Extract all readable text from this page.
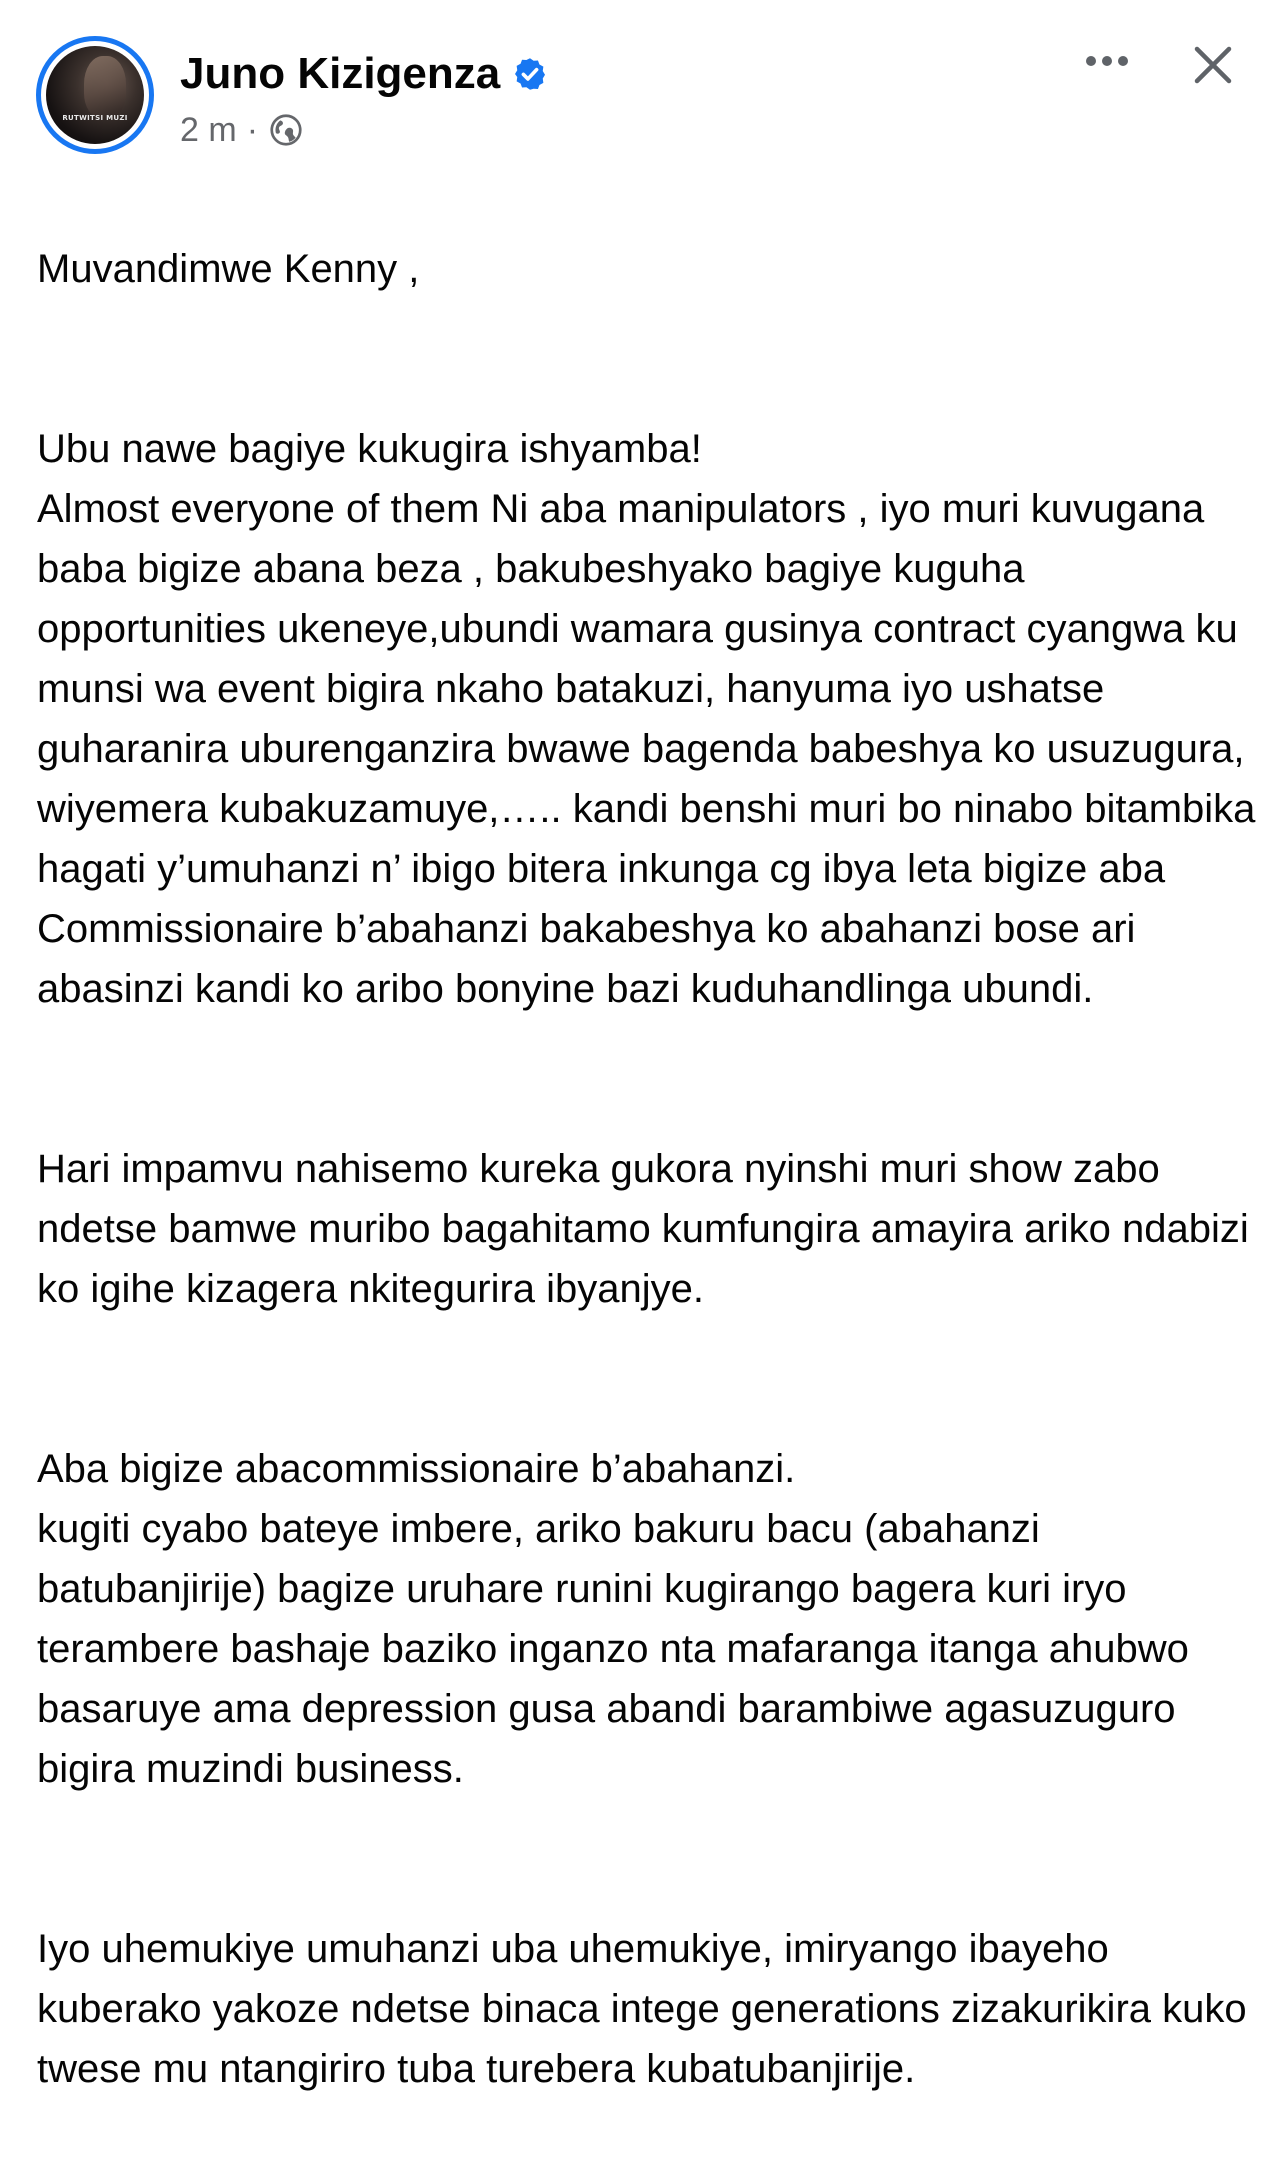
RUTWITSI MUZI
Juno Kizigenza
2 m ·

Muvandimwe Kenny ,

Ubu nawe bagiye kukugira ishyamba!
Almost everyone of them Ni aba manipulators , iyo muri kuvugana baba bigize abana beza , bakubeshyako bagiye kuguha opportunities ukeneye,ubundi wamara gusinya contract cyangwa ku munsi wa event bigira nkaho batakuzi, hanyuma iyo ushatse guharanira uburenganzira bwawe bagenda babeshya ko usuzugura, wiyemera kubakuzamuye,….. kandi benshi muri bo ninabo bitambika hagati y’umuhanzi n’ ibigo bitera inkunga cg ibya leta bigize aba Commissionaire b’abahanzi bakabeshya ko abahanzi bose ari abasinzi kandi ko aribo bonyine bazi kuduhandlinga ubundi.

Hari impamvu nahisemo kureka gukora nyinshi muri show zabo ndetse bamwe muribo bagahitamo kumfungira amayira ariko ndabizi ko igihe kizagera nkitegurira ibyanjye.

Aba bigize abacommissionaire b’abahanzi.
kugiti cyabo bateye imbere, ariko bakuru bacu (abahanzi batubanjirije) bagize uruhare runini kugirango bagera kuri iryo terambere bashaje baziko inganzo nta mafaranga itanga ahubwo basaruye ama depression gusa abandi barambiwe agasuzuguro bigira muzindi business.

Iyo uhemukiye umuhanzi uba uhemukiye, imiryango ibayeho kuberako yakoze ndetse binaca intege generations zizakurikira kuko twese mu ntangiriro tuba turebera kubatubanjirije.
